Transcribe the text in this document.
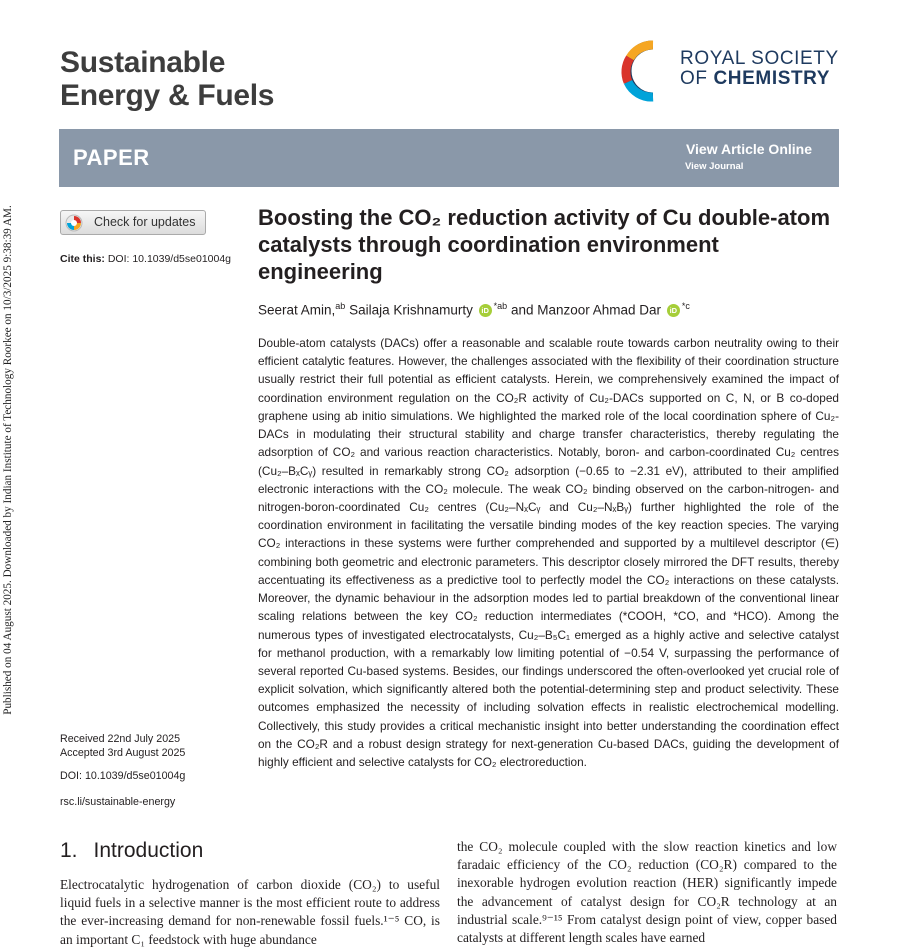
Published on 04 August 2025. Downloaded by Indian Institute of Technology Roorkee on 10/3/2025 9:38:39 AM.
Sustainable
Energy & Fuels
ROYAL SOCIETY
OF CHEMISTRY
PAPER	View Article Online
View Journal
Check for updates
Cite this: DOI: 10.1039/d5se01004g
Boosting the CO₂ reduction activity of Cu double-atom catalysts through coordination environment engineering
Seerat Amin,$^{ab}$ Sailaja Krishnamurty iD $^{*ab}$ and Manzoor Ahmad Dar iD $^{*c}$
Double-atom catalysts (DACs) offer a reasonable and scalable route towards carbon neutrality owing to their efficient catalytic features. However, the challenges associated with the flexibility of their coordination structure usually restrict their full potential as efficient catalysts. Herein, we comprehensively examined the impact of coordination environment regulation on the CO₂R activity of Cu₂-DACs supported on C, N, or B co-doped graphene using ab initio simulations. We highlighted the marked role of the local coordination sphere of Cu₂-DACs in modulating their structural stability and charge transfer characteristics, thereby regulating the adsorption of CO₂ and various reaction characteristics. Notably, boron- and carbon-coordinated Cu₂ centres (Cu₂–BₓCᵧ) resulted in remarkably strong CO₂ adsorption (−0.65 to −2.31 eV), attributed to their amplified electronic interactions with the CO₂ molecule. The weak CO₂ binding observed on the carbon-nitrogen- and nitrogen-boron-coordinated Cu₂ centres (Cu₂–NₓCᵧ and Cu₂–NₓBᵧ) further highlighted the role of the coordination environment in facilitating the versatile binding modes of the key reaction species. The varying CO₂ interactions in these systems were further comprehended and supported by a multilevel descriptor (∈) combining both geometric and electronic parameters. This descriptor closely mirrored the DFT results, thereby accentuating its effectiveness as a predictive tool to perfectly model the CO₂ interactions on these catalysts. Moreover, the dynamic behaviour in the adsorption modes led to partial breakdown of the conventional linear scaling relations between the key CO₂ reduction intermediates (*COOH, *CO, and *HCO). Among the numerous types of investigated electrocatalysts, Cu₂–B₅C₁ emerged as a highly active and selective catalyst for methanol production, with a remarkably low limiting potential of −0.54 V, surpassing the performance of several reported Cu-based systems. Besides, our findings underscored the often-overlooked yet crucial role of explicit solvation, which significantly altered both the potential-determining step and product selectivity. These outcomes emphasized the necessity of including solvation effects in realistic electrochemical modelling. Collectively, this study provides a critical mechanistic insight into better understanding the coordination effect on the CO₂R and a robust design strategy for next-generation Cu-based DACs, guiding the development of highly efficient and selective catalysts for CO₂ electroreduction.
Received 22nd July 2025
Accepted 3rd August 2025
DOI: 10.1039/d5se01004g
rsc.li/sustainable-energy
1. Introduction
Electrocatalytic hydrogenation of carbon dioxide (CO₂) to useful liquid fuels in a selective manner is the most efficient route to address the ever-increasing demand for non-renewable fossil fuels.¹⁻⁵ CO, is an important C₁ feedstock with huge abundance
the CO₂ molecule coupled with the slow reaction kinetics and low faradaic efficiency of the CO₂ reduction (CO₂R) compared to the inexorable hydrogen evolution reaction (HER) significantly impede the advancement of catalyst design for CO₂R technology at an industrial scale.⁹⁻¹⁵ From catalyst design point of view, copper based catalysts at different length scales have earned
